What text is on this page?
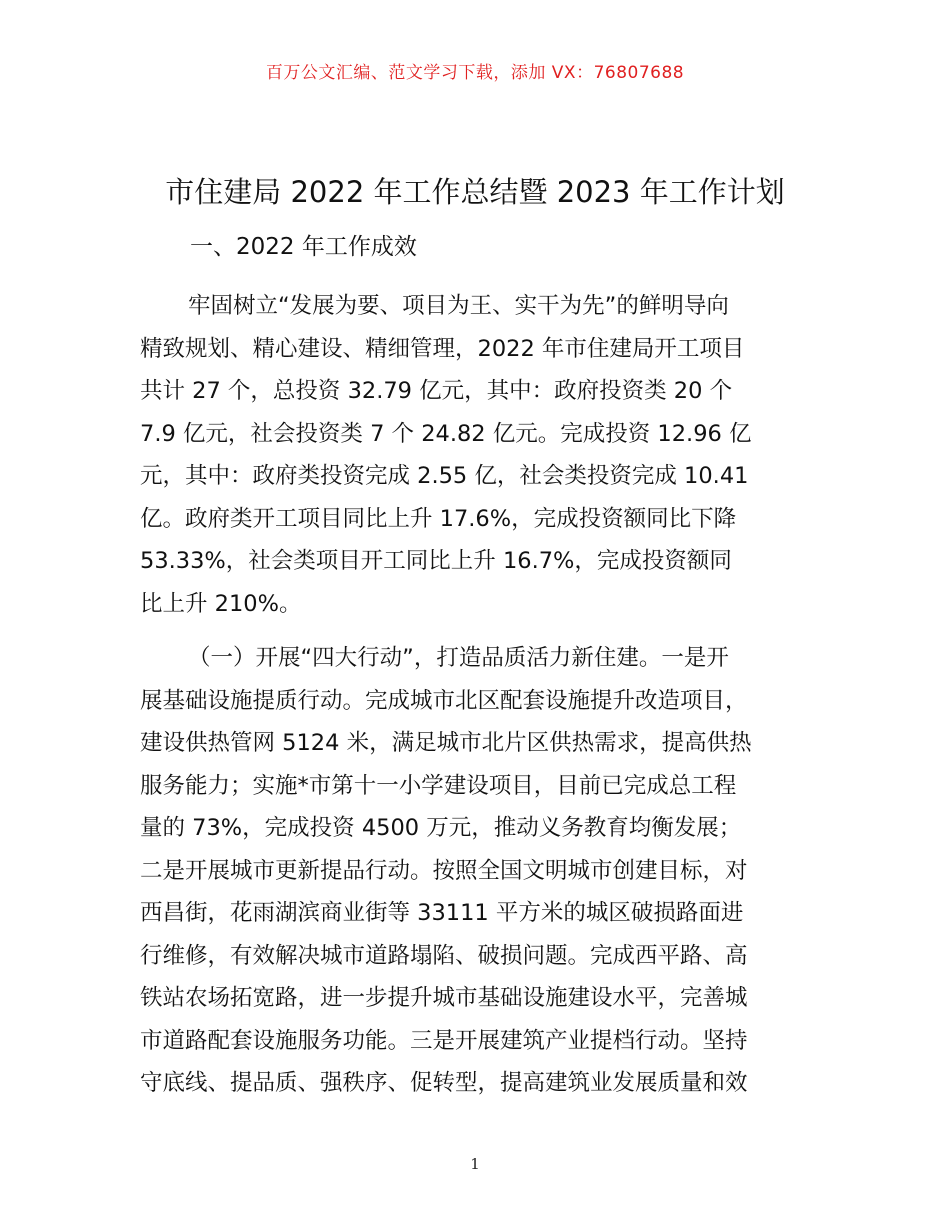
百万公文汇编、范文学习下载，添加 VX：76807688
市住建局 2022 年工作总结暨 2023 年工作计划
一、2022 年工作成效

牢固树立“发展为要、项目为王、实干为先”的鲜明导向
精致规划、精心建设、精细管理，2022 年市住建局开工项目
共计 27 个，总投资 32.79 亿元，其中：政府投资类 20 个
7.9 亿元，社会投资类 7 个 24.82 亿元。完成投资 12.96 亿
元，其中：政府类投资完成 2.55 亿，社会类投资完成 10.41
亿。政府类开工项目同比上升 17.6%，完成投资额同比下降
53.33%，社会类项目开工同比上升 16.7%，完成投资额同
比上升 210%。

（一）开展“四大行动”，打造品质活力新住建。一是开
展基础设施提质行动。完成城市北区配套设施提升改造项目，
建设供热管网 5124 米，满足城市北片区供热需求，提高供热
服务能力；实施*市第十一小学建设项目，目前已完成总工程
量的 73%，完成投资 4500 万元，推动义务教育均衡发展；
二是开展城市更新提品行动。按照全国文明城市创建目标，对
西昌街，花雨湖滨商业街等 33111 平方米的城区破损路面进
行维修，有效解决城市道路塌陷、破损问题。完成西平路、高
铁站农场拓宽路，进一步提升城市基础设施建设水平，完善城
市道路配套设施服务功能。三是开展建筑产业提档行动。坚持
守底线、提品质、强秩序、促转型，提高建筑业发展质量和效

1
